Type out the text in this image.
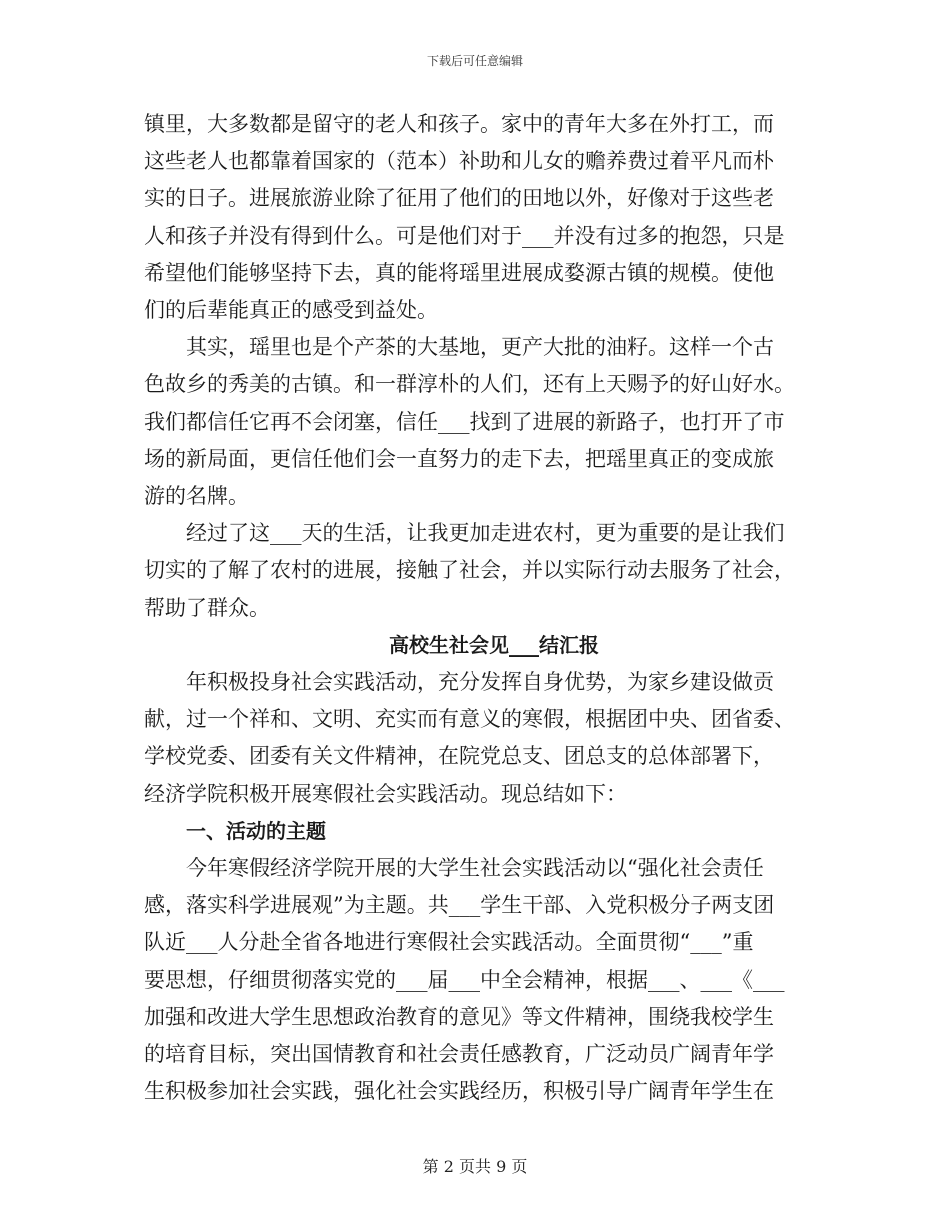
下载后可任意编辑

镇里，大多数都是留守的老人和孩子。家中的青年大多在外打工，而
这些老人也都靠着国家的（范本）补助和儿女的赡养费过着平凡而朴
实的日子。进展旅游业除了征用了他们的田地以外，好像对于这些老
人和孩子并没有得到什么。可是他们对于___并没有过多的抱怨，只是
希望他们能够坚持下去，真的能将瑶里进展成婺源古镇的规模。使他
们的后辈能真正的感受到益处。

其实，瑶里也是个产茶的大基地，更产大批的油籽。这样一个古
色故乡的秀美的古镇。和一群淳朴的人们，还有上天赐予的好山好水。
我们都信任它再不会闭塞，信任___找到了进展的新路子，也打开了市
场的新局面，更信任他们会一直努力的走下去，把瑶里真正的变成旅
游的名牌。

经过了这___天的生活，让我更加走进农村，更为重要的是让我们
切实的了解了农村的进展，接触了社会，并以实际行动去服务了社会，
帮助了群众。

高校生社会见___结汇报

年积极投身社会实践活动，充分发挥自身优势，为家乡建设做贡
献，过一个祥和、文明、充实而有意义的寒假，根据团中央、团省委、
学校党委、团委有关文件精神，在院党总支、团总支的总体部署下，
经济学院积极开展寒假社会实践活动。现总结如下：

一、活动的主题

今年寒假经济学院开展的大学生社会实践活动以“强化社会责任
感，落实科学进展观”为主题。共___学生干部、入党积极分子两支团
队近___人分赴全省各地进行寒假社会实践活动。全面贯彻“___”重
要思想，仔细贯彻落实党的___届___中全会精神，根据___、___《___
加强和改进大学生思想政治教育的意见》等文件精神，围绕我校学生
的培育目标，突出国情教育和社会责任感教育，广泛动员广阔青年学
生积极参加社会实践，强化社会实践经历，积极引导广阔青年学生在

第 2 页共 9 页
